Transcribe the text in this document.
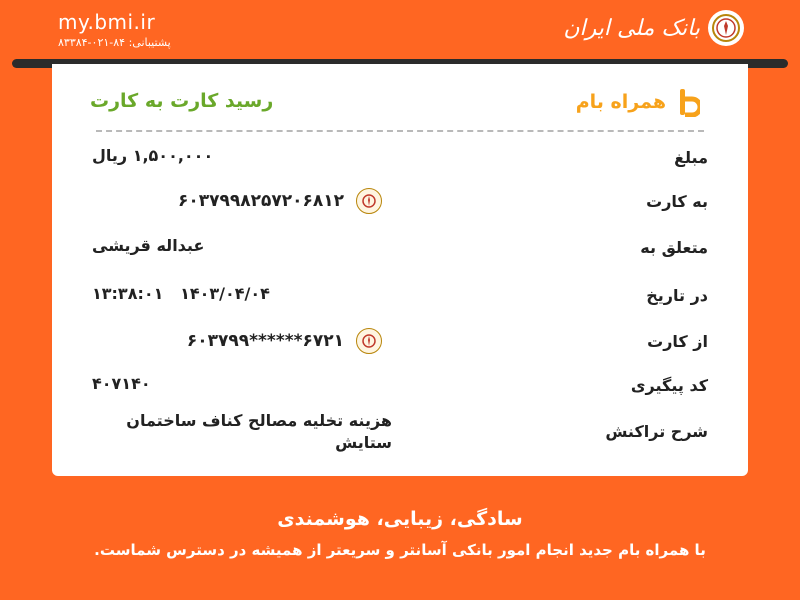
my.bmi.ir
پشتیبانی: ۸۴-۰۲۱-۸۳۳۸۴
بانک ملی ایران
همراه بام
رسید کارت به کارت
مبلغ
۱,۵۰۰,۰۰۰ ریال
به کارت
۶۰۳۷۹۹۸۲۵۷۲۰۶۸۱۲
متعلق به
عبداله قریشی
در تاریخ
۱۴۰۳/۰۴/۰۴   ۱۳:۳۸:۰۱
از کارت
۶۰۳۷۹۹******۶۷۲۱
کد پیگیری
۴۰۷۱۴۰
شرح تراکنش
هزینه تخلیه مصالح کناف ساختمان ستایش
سادگی، زیبایی، هوشمندی
با همراه بام جدید انجام امور بانکی آسانتر و سریعتر از همیشه در دسترس شماست.
